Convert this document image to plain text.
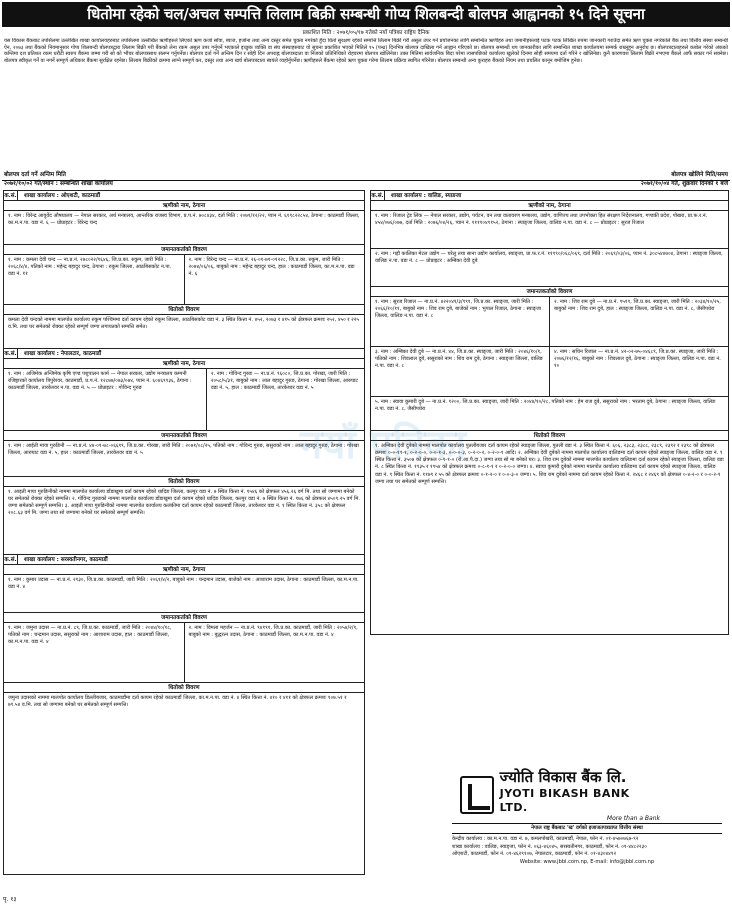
धितोमा रहेको चल/अचल सम्पत्ति लिलाम बिक्री सम्बन्धी गोप्य शिलबन्दी बोलपत्र आह्वानको १५ दिने सूचना
प्रकाशित मिति : २०७१/०५/१७ गतेको नयाँ पत्रिका राष्ट्रिय दैनिक
यस विकास बैंकबाट तपसिलमा उल्लेखित शाखा कार्यालयहरुबाट तपसिलमा उल्लेखित ऋणीहरुले लिएको ऋण कर्जा साँवा, ब्याज, हर्जाना तथा अन्य दस्तुर समेत चुक्ता नगरेको हुँदा धितो सुरक्षण रहेको सम्पत्ति लिलाम बिक्री गरी असुल उपर गर्ने प्रयोजनका लागि सम्बन्धित ऋणीहरु तथा जमानीहरुलाई पटक पटक लिखित रुपमा जानकारी गराउँदा समेत ऋण चुक्ता नगरेकोले बैंक तथा वित्तीय संस्था सम्बन्धी ऐन, २०७३ तथा बैंकको नियमानुसार गोप्य शिलबन्दी बोलपत्रद्वारा लिलाम बिक्री गरी बैंकको लेना रकम असुल उपर गर्नुपर्ने भएकाले इच्छुक व्यक्ति वा संघ संस्थाहरुबाट यो सूचना प्रकाशित भएको मितिले १५ (पन्ध्र) दिनभित्र बोलपत्र दाखिला गर्न आह्वान गरिएको छ। बोलपत्र सम्बन्धी थप जानकारीका लागि सम्बन्धित शाखा कार्यालयमा सम्पर्क राख्नुहुन अनुरोध छ। बोलपत्रदाताहरुले कबोल गरेको अंकको कम्तिमा दश प्रतिशत रकम धरौटी स्वरुप बैंकमा जम्मा गरी सो को भौचर बोलपत्रसाथ संलग्न गर्नुपर्नेछ। बोलपत्र दर्ता गर्ने अन्तिम दिन र सोही दिन अपराह्न बोलपत्रदाता वा निजको प्रतिनिधिको रोहवरमा बोलपत्र खोलिनेछ। उक्त मितिमा सार्वजनिक बिदा परेमा त्यसपछिको कार्यालय खुलेको दिनमा सोही समयमा दर्ता गरिने र खोलिनेछ। कुनै कारणवश लिलाम बिक्री नभएमा बैंकले आफैं सकार गर्न सक्नेछ। बोलपत्र स्वीकृत गर्ने वा नगर्ने सम्पूर्ण अधिकार बैंकमा सुरक्षित रहनेछ। लिलाम बिक्रीको क्रममा लाग्ने सम्पूर्ण कर, दस्तुर तथा अन्य खर्च बोलपत्रदाता स्वयंले व्यहोर्नुपर्नेछ। ऋणीहरुले बैंकमा रहेको ऋण चुक्ता गरेमा लिलाम प्रक्रिया स्थगित गरिनेछ। बोलपत्र सम्बन्धी अन्य कुराहरु बैंकको नियम तथा प्रचलित कानून बमोजिम हुनेछ।
बोलपत्र दर्ता गर्ने अन्तिम मिति	बोलपत्र खोलिने मिति/समय
२०७१/१०/०२ गते/स्थान : सम्बन्धित शाखा कार्यालय	२०७१/१०/०४ गते, शुक्रवार दिनको १ बजे
क.सं.	शाखा कार्यालय : ओएशटी, काठमाडौं
ऋणीको नाम, ठेगाना
१. नाम : विरेन्द्र आयुर्वेद औषधालय — नेपाल सरकार, अर्थ मन्त्रालय, आन्तरिक राजस्व विभाग, प्र.प.नं. ७०८४३४, दर्ता मिति : २०७१/१२/२२, प्यान नं. ६१९८२२८५४, ठेगाना : काठमाडौं जिल्ला, का.म.न.पा. वडा नं. ६ — प्रोप्राइटर : विरेन्द्र चन्द
जमानतकर्ताको विवरण
१. नाम : कमला देवी चन्द — ना.प्र.नं. २७८०२२/१६४६, जि.प्र.का. रुकुम, जारी मिति : २०६८/४/४, पतिको नाम : महेन्द्र बहादुर चन्द, ठेगाना : रुकुम जिल्ला, आठबिसकोट न.पा. वडा नं. ११
२. नाम : विरेन्द्र चन्द — ना.प्र.नं. २६-०१-७१-०१२२८, जि.प्र.का. रुकुम, जारी मिति : २०७४/०६/०६, बाबुको नाम : महेन्द्र बहादुर चन्द, हाल : काठमाडौं जिल्ला, का.म.न.पा. वडा नं. ६
धितोको विवरण
कमला देवी चन्दको नाममा मालपोत कार्यालय रुकुम पश्चिममा दर्ता कायम रहेको रुकुम जिल्ला, आठबिसकोट वडा नं. ३ स्थित कित्ता नं. ४५२, २०७३ र ४१५ को क्षेत्रफल क्रमशः २५२, ४५० र २२५ व.मि. तथा घर समेतको रोक्का रहेको सम्पूर्ण जग्गा लगायतको सम्पत्ति समेत।
क.सं.	शाखा कार्यालय : नेपालटार, काठमाडौं
ऋणीको नाम, ठेगाना
१. नाम : अजिमेक अन्जिमेक कृषि एण्ड पशुपालन फार्म — नेपाल सरकार, उद्योग मन्त्रालय कम्पनी रजिष्ट्रारको कार्यालय त्रिपुरेश्वर, काठमाडौं, प्र.प.नं. १२८७७/०७३/०७४, प्यान नं. ६०४६९९३६, ठेगाना : काठमाडौं जिल्ला, तारकेश्वर न.पा. वडा नं. ५ — प्रोप्राइटर : गोविन्द गुरुङ
२. नाम : गोविन्द गुरुङ — ना.प्र.नं. ९६०८०, जि.प्र.का. गोरखा, जारी मिति : २०५८/५/३१, बाबुको नाम : लाल बहादुर गुरुङ, ठेगाना : गोरखा जिल्ला, आरुघाट वडा नं. ५, हाल : काठमाडौं जिल्ला, तारकेश्वर वडा नं. ५
जमानतकर्ताको विवरण
१. नाम : आईती माया गुरुङिनी — ना.प्र.नं. ४४-०१-७८-०६६९९, जि.प्र.का. गोरखा, जारी मिति : २०७१/०८/२५, पतिको नाम : गोविन्द गुरुङ, ससुराको नाम : लाल बहादुर गुरुङ, ठेगाना : गोरखा जिल्ला, आरुघाट वडा नं. ५, हाल : काठमाडौं जिल्ला, तारकेश्वर वडा नं. ५
धितोको विवरण
१. आइती माया गुरुङिनीको नाममा मालपोत कार्यालय डाँडाखुमा दर्ता कायम रहेको धादिङ जिल्ला, कल्पुर वडा नं. ७ स्थित कित्ता नं. १५४६ को क्षेत्रफल ४५६.२६ वर्ग मि. तथा सो जग्गामा बनेको घर समेतको रोक्का रहेको सम्पत्ति। २. गोविन्द गुरुङको नाममा मालपोत कार्यालय डाँडाखुमा दर्ता कायम रहेको धादिङ जिल्ला, कल्पुर वडा नं. ७ स्थित कित्ता नं. १७६ को क्षेत्रफल ४५०९.२५ वर्ग मि. जग्गा समेतको सम्पूर्ण सम्पत्ति। ३. आइती माया गुरुङिनीको नाममा मालपोत कार्यालय कलंकीमा दर्ता कायम रहेको काठमाडौं जिल्ला, तारकेश्वर वडा नं. १ स्थित कित्ता नं. ३५८ को क्षेत्रफल २०८.६३ वर्ग मि. जग्गा तथा सो जग्गामा बनेको घर समेतको सम्पूर्ण सम्पत्ति।
क.सं.	शाखा कार्यालय : सरस्वतीनगर, काठमाडौं
ऋणीको नाम, ठेगाना
१. नाम : कुमार उदास — ना.प्र.नं. २१३०, जि.प्र.का. काठमाडौं, जारी मिति : २०६१/४/२, बाबुको नाम : चन्द्रमान उदास, बाजेको नाम : आशाराम उदास, ठेगाना : काठमाडौं जिल्ला, का.म.न.पा. वडा नं. ४
जमानतकर्ताको विवरण
१. नाम : जमुना उदास — ना.प्र.नं. ८९, जि.प्र.का. काठमाडौं, जारी मिति : २०४४/१०/१८, पतिको नाम : चन्द्रमान उदास, ससुराको नाम : आशाराम उदास, हाल : काठमाडौं जिल्ला, का.म.न.पा. वडा नं. ४
२. नाम : विमला महर्जन — ना.प्र.नं. ९४१९१, जि.प्र.का. काठमाडौं, जारी मिति : २०५४/२/९, बाबुको नाम : बुद्धरत्न उदास, ठेगाना : काठमाडौं जिल्ला, का.म.न.पा. वडा नं. ४
धितोको विवरण
जमुना उदासको नाममा मालपोत कार्यालय डिल्लीबजार, काठमाडौंमा दर्ता कायम रहेको काठमाडौं जिल्ला, का.म.न.पा. वडा नं. ४ स्थित कित्ता नं. ४१० र ४११ को क्षेत्रफल क्रमशः १०७.५१ र ७९.५४ व.मि. तथा सो जग्गामा बनेको घर समेतको सम्पूर्ण सम्पत्ति।
क.सं.	शाखा कार्यालय : वालिङ, स्याङजा
ऋणीको नाम, ठेगाना
१. नाम : रिजाल ट्रेड लिंक — नेपाल सरकार, उद्योग, पर्यटन, वन तथा वातावरण मन्त्रालय, उद्योग, वाणिज्य तथा उपभोक्ता हित संरक्षण निर्देशनालय, गण्डकी प्रदेश, पोखरा, प्रा.फ.र.नं. ४५४/०७६/०७७, दर्ता मिति : २०७६/०४/२६, प्यान नं. ११११०४९१५२, ठेगाना : स्याङ्जा जिल्ला, वालिङ न.पा. वडा नं. ८ — प्रोप्राइटर : सुरज रिजाल
२. नाम : गह्रौ कालिका मेटल उद्योग — घरेलु तथा साना उद्योग कार्यालय, स्याङ्जा, प्रा.फ.र.नं. ११९९०/०६८/०६९, दर्ता मिति : २०६९/०३/०६, प्यान नं. ३०८५४४७०४, ठेगाना : स्याङ्जा जिल्ला, वालिङ न.पा. वडा नं. ८ — प्रोप्राइटर : अम्बिका देवी दुबे
जमानतकर्ताको विवरण
१. नाम : सुरज रिजाल — ना.प्र.नं. ४२२०४१/३/९९१, जि.प्र.का. स्याङ्जा, जारी मिति : २०६६/१०/११, बाबुको नाम : शिव राम दुबे, बाजेको नाम : भुपाल रिजाल, ठेगाना : स्याङ्जा जिल्ला, वालिङ न.पा. वडा नं. ८
२. नाम : शिव राम दुबे — ना.प्र.नं. ९५१९, जि.प्र.का. स्याङ्जा, जारी मिति : २०३४/१०/२५, बाबुको नाम : शिव राम दुबे, हाल : स्याङ्जा जिल्ला, वालिङ न.पा. वडा नं. ८, जैसीपधेरा
३. नाम : अम्बिका देवी दुबे — ना.प्र.नं. ४४, जि.प्र.का. स्याङ्जा, जारी मिति : २०४६/१०/१, पतिको नाम : शिवलाल दुबे, ससुराको नाम : शिव राम दुबे, ठेगाना : स्याङ्जा जिल्ला, वालिङ न.पा. वडा नं. ८
४. नाम : सचिन रिजाल — ना.प्र.नं. ४२-०२-७५-०४६८९, जि.प्र.का. स्याङ्जा, जारी मिति : २०७६/१२/१६, बाबुको नाम : शिवलाल दुबे, ठेगाना : स्याङ्जा जिल्ला, वालिङ न.पा. वडा नं. १०
५. नाम : स्वाया कुमारी दुबे — ना.प्र.नं. १२००, जि.प्र.का. स्याङ्जा, जारी मिति : २०४४/१०/२८, पतिको नाम : हेम राज दुबे, ससुराको नाम : भरताम दुबे, ठेगाना : स्याङ्जा जिल्ला, वालिङ न.पा. वडा नं. ८, जैसीपधेरा
धितोको विवरण
१. अम्बिका देवी दुबेको नाममा मालपोत कार्यालय पुतलीबजार दर्ता कायम रहेको स्याङ्जा जिल्ला, पुतली वडा नं. ३ स्थित कित्ता नं. ६०६, २३८३, २३८८, २३८९, २३९२ र २३९८ को क्षेत्रफल क्रमशः ०-०-१९-१, ०-२-०-०, ०-०-१-३, ०-०-०-३, ०-२-०-२, ०-२-०-१ आदि। २. अम्बिका देवी दुबेको नाममा मालपोत कार्यालय वालिङमा दर्ता कायम रहेको स्याङ्जा जिल्ला, वालिङ वडा नं. ९ स्थित कित्ता नं. ३५०७ को क्षेत्रफल ०-१-१-० (रो.आ.पै.दा.) जग्गा तथा सो मा बनेको घर। ३. शिव राम दुबेको नाममा मालपोत कार्यालय वालिङमा दर्ता कायम रहेको स्याङ्जा जिल्ला, वालिङ वडा नं. ८ स्थित कित्ता नं. १९३५ र १९५४ को क्षेत्रफल क्रमशः ०-८-१-१ र ०-२-०-० जग्गा। ४. स्वाया कुमारी दुबेको नाममा मालपोत कार्यालय वालिङमा दर्ता कायम रहेको स्याङ्जा जिल्ला, वालिङ वडा नं. ९ स्थित कित्ता नं. ११७९ र ५५ को क्षेत्रफल क्रमशः ०-१-२-० र ०-०-३-० जग्गा। ५. शिव राम दुबेको नाममा दर्ता कायम रहेको कित्ता नं. २४६८ र २४६९ को क्षेत्रफल ०-४-२-० र ०-०-२-१ जग्गा तथा घर समेतको सम्पूर्ण सम्पत्ति।
नयाँ पत्रिका
ज्योति विकास बैंक लि.
JYOTI BIKASH BANK LTD.
More than a Bank
नेपाल राष्ट्र बैंकबाट 'ख' वर्गको इजाजतपत्रप्राप्त वित्तीय संस्था
केन्द्रीय कार्यालय : का.म.न.पा. वडा नं. ७, कमलपोखरी, काठमाडौं, नेपाल, फोन नं. ०१-४५७०७६७-९२
शाखा कार्यालय : वालिङ, स्याङ्जा, फोन नं. ०६३-४६०४५, सरस्वतीनगर, काठमाडौं, फोन नं. ०१-४४८२२३०
ओएशटी, काठमाडौं, फोन नं. ०१-४६२९१०७, नेपालटार, काठमाडौं, फोन नं. ०१-४३०४४९२
Website: www.jbbl.com.np, E-mail: info@jbbl.com.np
पृ. १३
